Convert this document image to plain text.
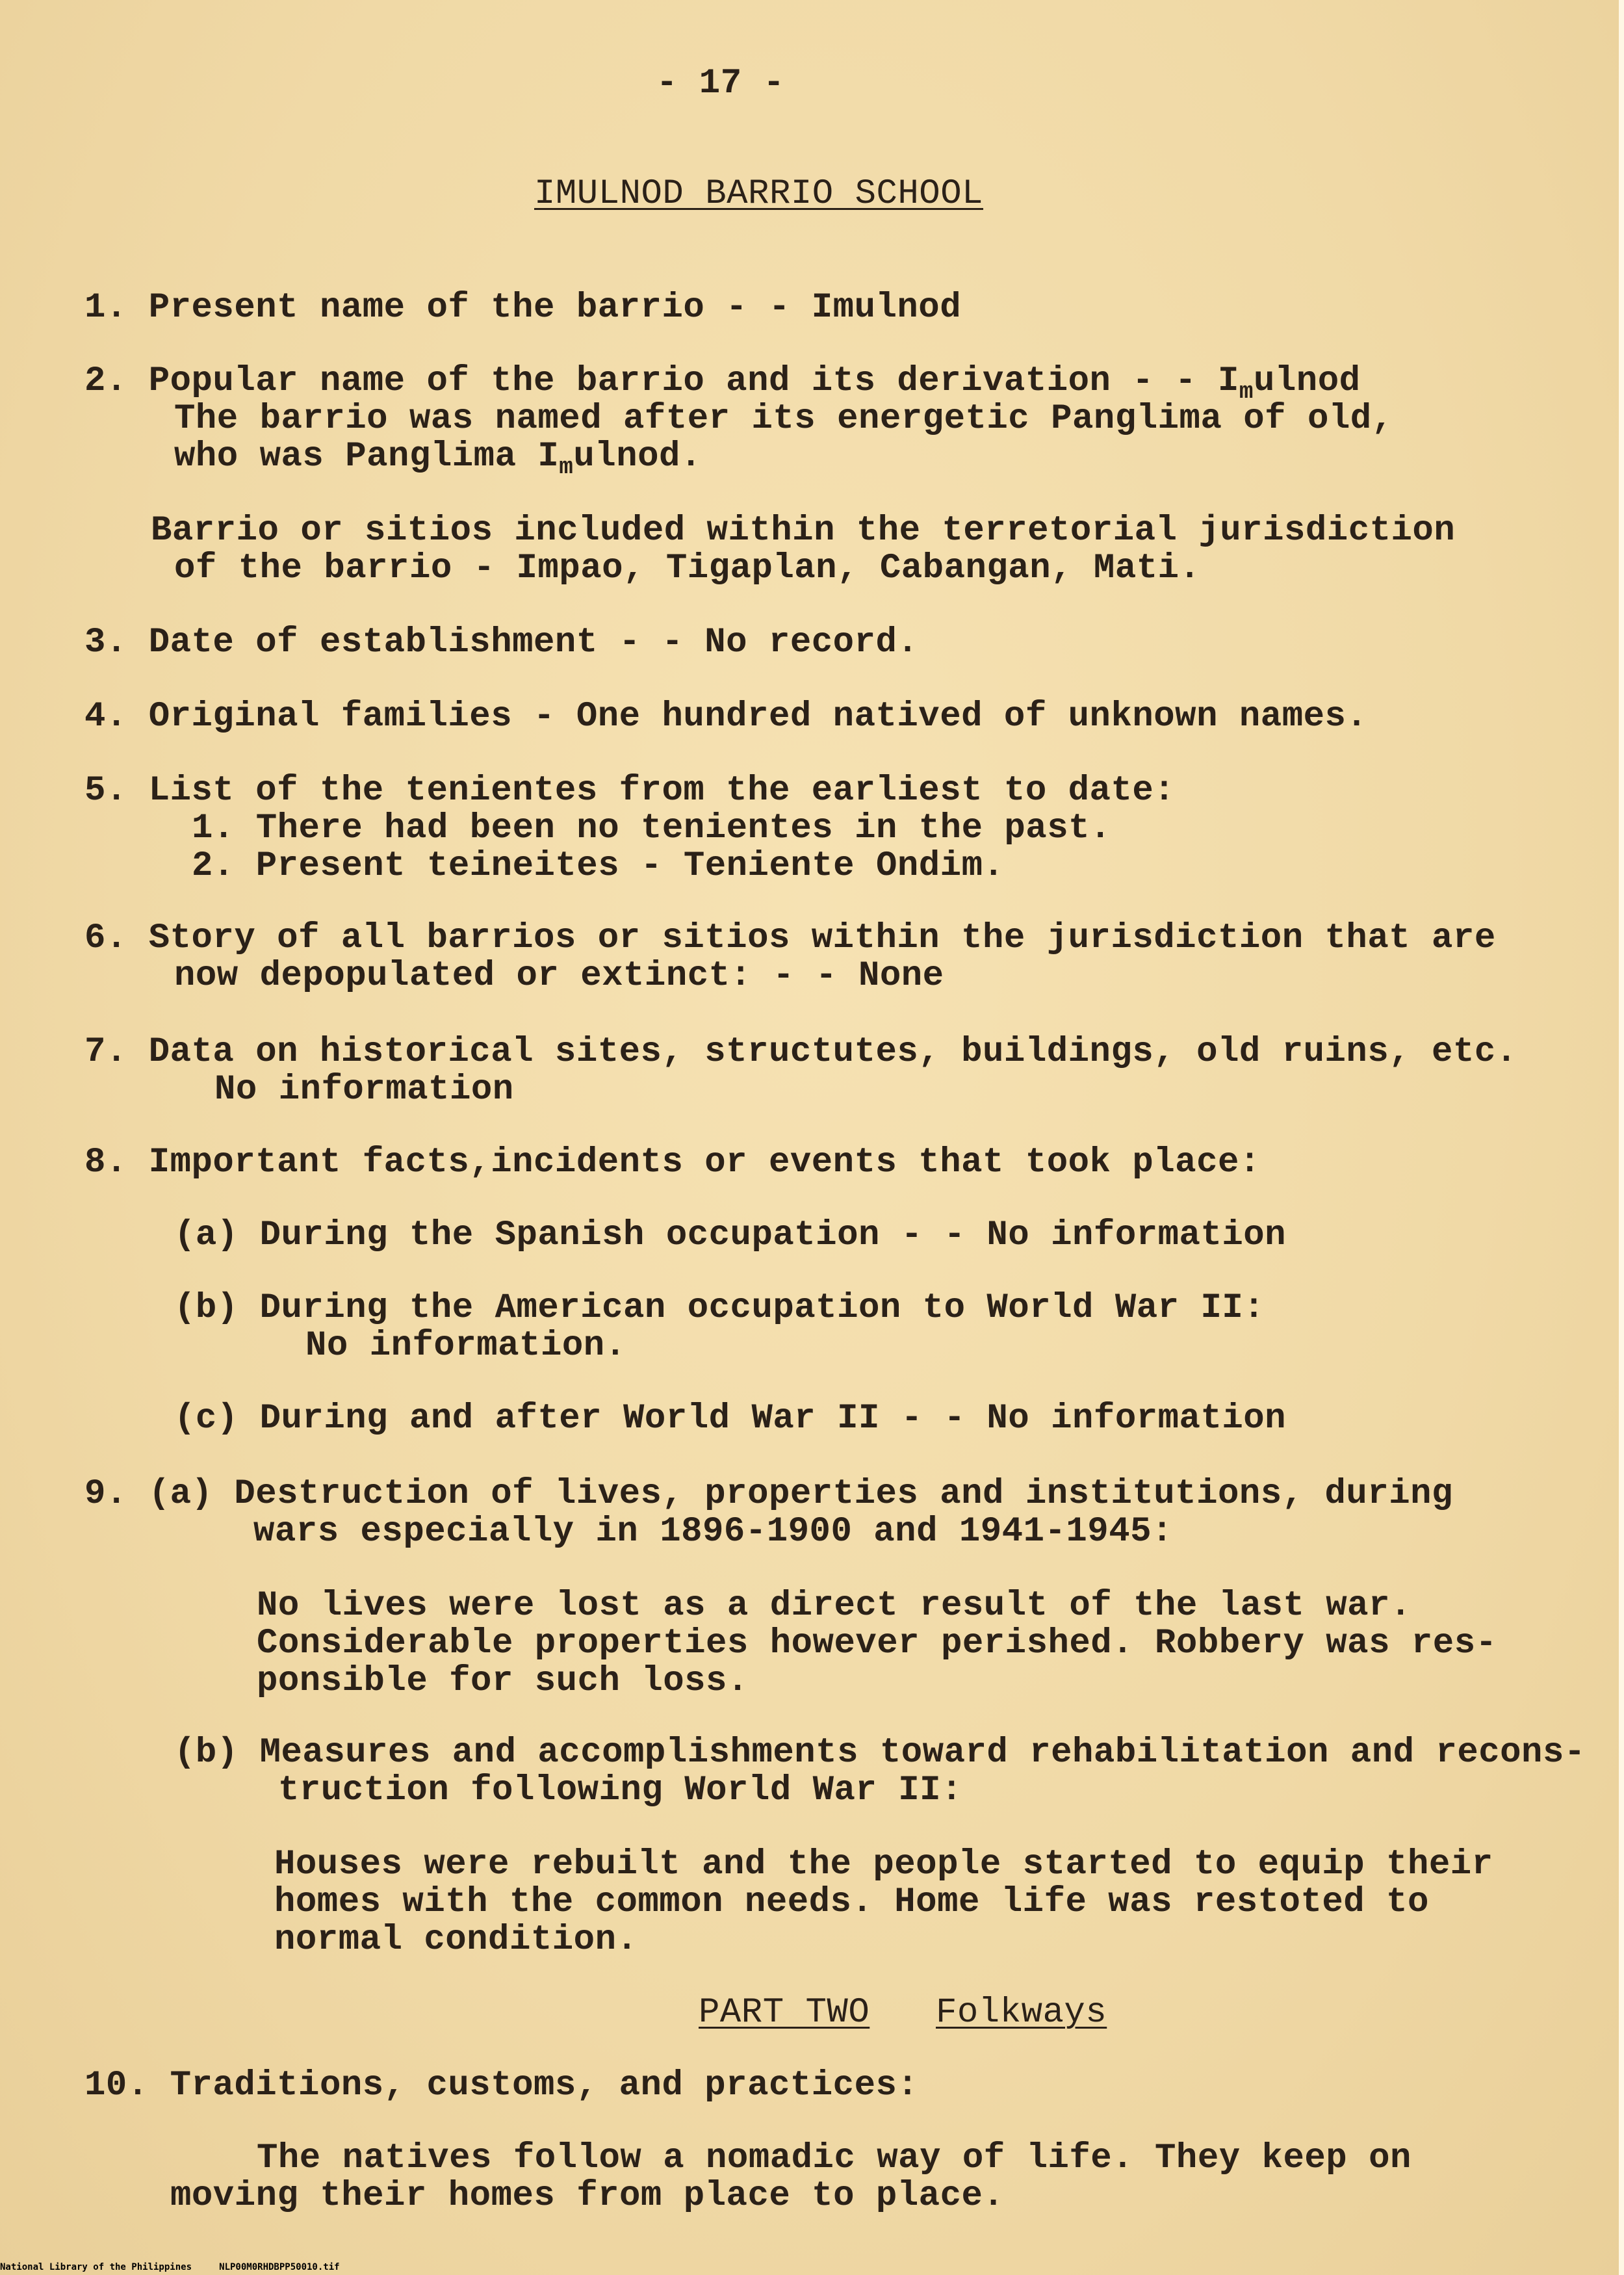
- 17 -
IMULNOD BARRIO SCHOOL
1. Present name of the barrio - - Imulnod
2. Popular name of the barrio and its derivation - - $I_mulnod$
The barrio was named after its energetic Panglima of old,
who was Panglima $I_mulnod$.
Barrio or sitios included within the terretorial jurisdiction
of the barrio - Impao, Tigaplan, Cabangan, Mati.
3. Date of establishment - - No record.
4. Original families - One hundred natived of unknown names.
5. List of the tenientes from the earliest to date:
1. There had been no tenientes in the past.
2. Present teineites - Teniente Ondim.
6. Story of all barrios or sitios within the jurisdiction that are
now depopulated or extinct: - - None
7. Data on historical sites, structutes, buildings, old ruins, etc.
No information
8. Important facts,incidents or events that took place:
(a) During the Spanish occupation - - No information
(b) During the American occupation to World War II:
No information.
(c) During and after World War II - - No information
9. (a) Destruction of lives, properties and institutions, during
wars especially in 1896-1900 and 1941-1945:
No lives were lost as a direct result of the last war.
Considerable properties however perished. Robbery was res-
ponsible for such loss.
(b) Measures and accomplishments toward rehabilitation and recons-
truction following World War II:
Houses were rebuilt and the people started to equip their
homes with the common needs. Home life was restoted to
normal condition.
PART TWO Folkways
10. Traditions, customs, and practices:
The natives follow a nomadic way of life. They keep on
moving their homes from place to place.
National Library of the Philippines     NLP00M0RHDBPP50010.tif
